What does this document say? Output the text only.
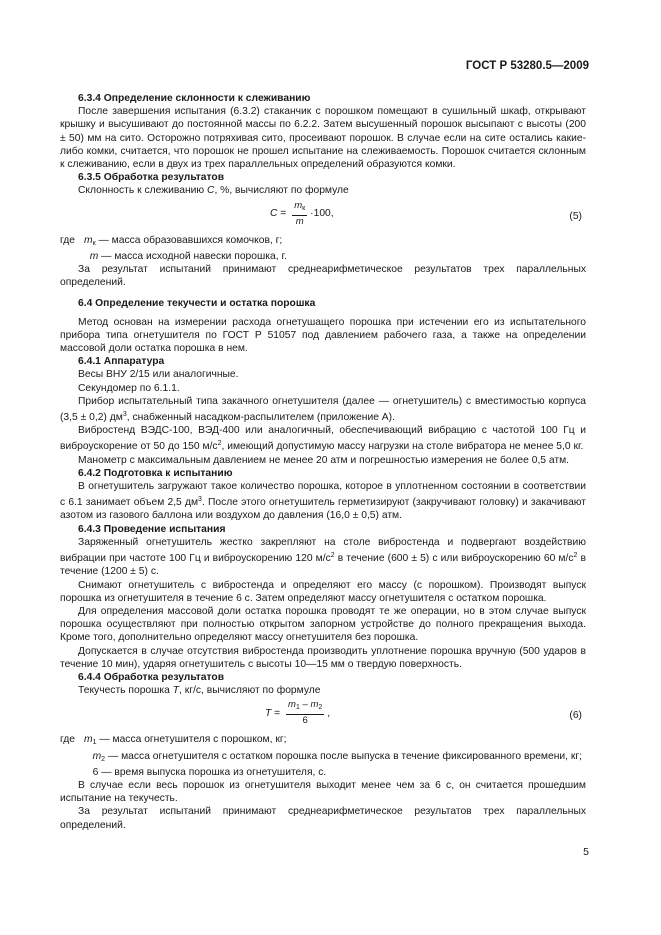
ГОСТ Р 53280.5—2009

6.3.4 Определение склонности к слеживанию

После завершения испытания (6.3.2) стаканчик с порошком помещают в сушильный шкаф, открывают крышку и высушивают до постоянной массы по 6.2.2. Затем высушенный порошок высыпают с высоты (200 ± 50) мм на сито. Осторожно потряхивая сито, просеивают порошок. В случае если на сите остались какие-либо комки, считается, что порошок не прошел испытание на слеживаемость. Порошок считается склонным к слеживанию, если в двух из трех параллельных определений образуются комки.

6.3.5 Обработка результатов

Склонность к слеживанию С, %, вычисляют по формуле

$C = \frac{m_к}{m} \cdot 100$,	(5)

где $m_к$ — масса образовавшихся комочков, г;

m — масса исходной навески порошка, г.

За результат испытаний принимают среднеарифметическое результатов трех параллельных определений.

6.4 Определение текучести и остатка порошка

Метод основан на измерении расхода огнетушащего порошка при истечении его из испытательного прибора типа огнетушителя по ГОСТ Р 51057 под давлением рабочего газа, а также на определении массовой доли остатка порошка в нем.

6.4.1 Аппаратура

Весы ВНУ 2/15 или аналогичные.

Секундомер по 6.1.1.

Прибор испытательный типа закачного огнетушителя (далее — огнетушитель) с вместимостью корпуса (3,5 ± 0,2) $дм^3$, снабженный насадком-распылителем (приложение А).

Вибростенд ВЭДС-100, ВЭД-400 или аналогичный, обеспечивающий вибрацию с частотой 100 Гц и виброускорение от 50 до 150 $м/с^2$, имеющий допустимую массу нагрузки на столе вибратора не менее 5,0 кг.

Манометр с максимальным давлением не менее 20 атм и погрешностью измерения не более 0,5 атм.

6.4.2 Подготовка к испытанию

В огнетушитель загружают такое количество порошка, которое в уплотненном состоянии в соответствии с 6.1 занимает объем 2,5 $дм^3$. После этого огнетушитель герметизируют (закручивают головку) и закачивают азотом из газового баллона или воздухом до давления (16,0 ± 0,5) атм.

6.4.3 Проведение испытания

Заряженный огнетушитель жестко закрепляют на столе вибростенда и подвергают воздействию вибрации при частоте 100 Гц и виброускорению 120 $м/с^2$ в течение (600 ± 5) с или виброускорению 60 $м/с^2$ в течение (1200 ± 5) с.

Снимают огнетушитель с вибростенда и определяют его массу (с порошком). Производят выпуск порошка из огнетушителя в течение 6 с. Затем определяют массу огнетушителя с остатком порошка.

Для определения массовой доли остатка порошка проводят те же операции, но в этом случае выпуск порошка осуществляют при полностью открытом запорном устройстве до полного прекращения выхода. Кроме того, дополнительно определяют массу огнетушителя без порошка.

Допускается в случае отсутствия вибростенда производить уплотнение порошка вручную (500 ударов в течение 10 мин), ударяя огнетушитель с высоты 10—15 мм о твердую поверхность.

6.4.4 Обработка результатов

Текучесть порошка T, кг/с, вычисляют по формуле

$T = \frac{m_1 - m_2}{6}$ ,	(6)

где $m_1$ — масса огнетушителя с порошком, кг;

$m_2$ — масса огнетушителя с остатком порошка после выпуска в течение фиксированного времени, кг;

6 — время выпуска порошка из огнетушителя, с.

В случае если весь порошок из огнетушителя выходит менее чем за 6 с, он считается прошедшим испытание на текучесть.

За результат испытаний принимают среднеарифметическое результатов трех параллельных определений.

5
